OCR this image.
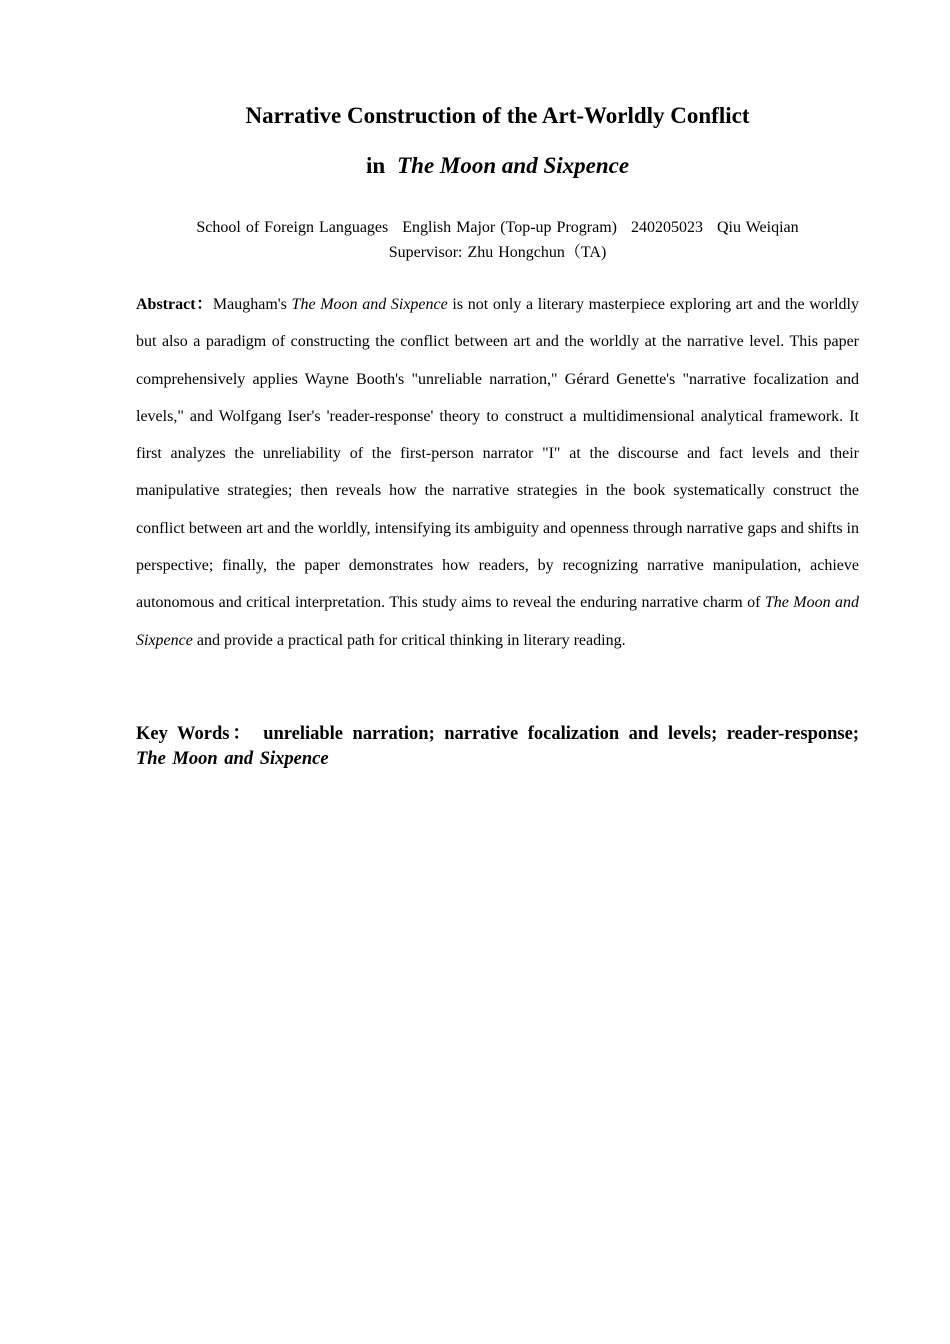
Narrative Construction of the Art-Worldly Conflict
in The Moon and Sixpence
School of Foreign Languages English Major (Top-up Program) 240205023 Qiu Weiqian
Supervisor: Zhu Hongchun（TA)

Abstract：Maugham's The Moon and Sixpence is not only a literary masterpiece exploring art and the worldly but also a paradigm of constructing the conflict between art and the worldly at the narrative level. This paper comprehensively applies Wayne Booth's "unreliable narration," Gérard Genette's "narrative focalization and levels," and Wolfgang Iser's 'reader-response' theory to construct a multidimensional analytical framework. It first analyzes the unreliability of the first-person narrator "I" at the discourse and fact levels and their manipulative strategies; then reveals how the narrative strategies in the book systematically construct the conflict between art and the worldly, intensifying its ambiguity and openness through narrative gaps and shifts in perspective; finally, the paper demonstrates how readers, by recognizing narrative manipulation, achieve autonomous and critical interpretation. This study aims to reveal the enduring narrative charm of The Moon and Sixpence and provide a practical path for critical thinking in literary reading.

Key Words： unreliable narration; narrative focalization and levels; reader-response; The Moon and Sixpence
